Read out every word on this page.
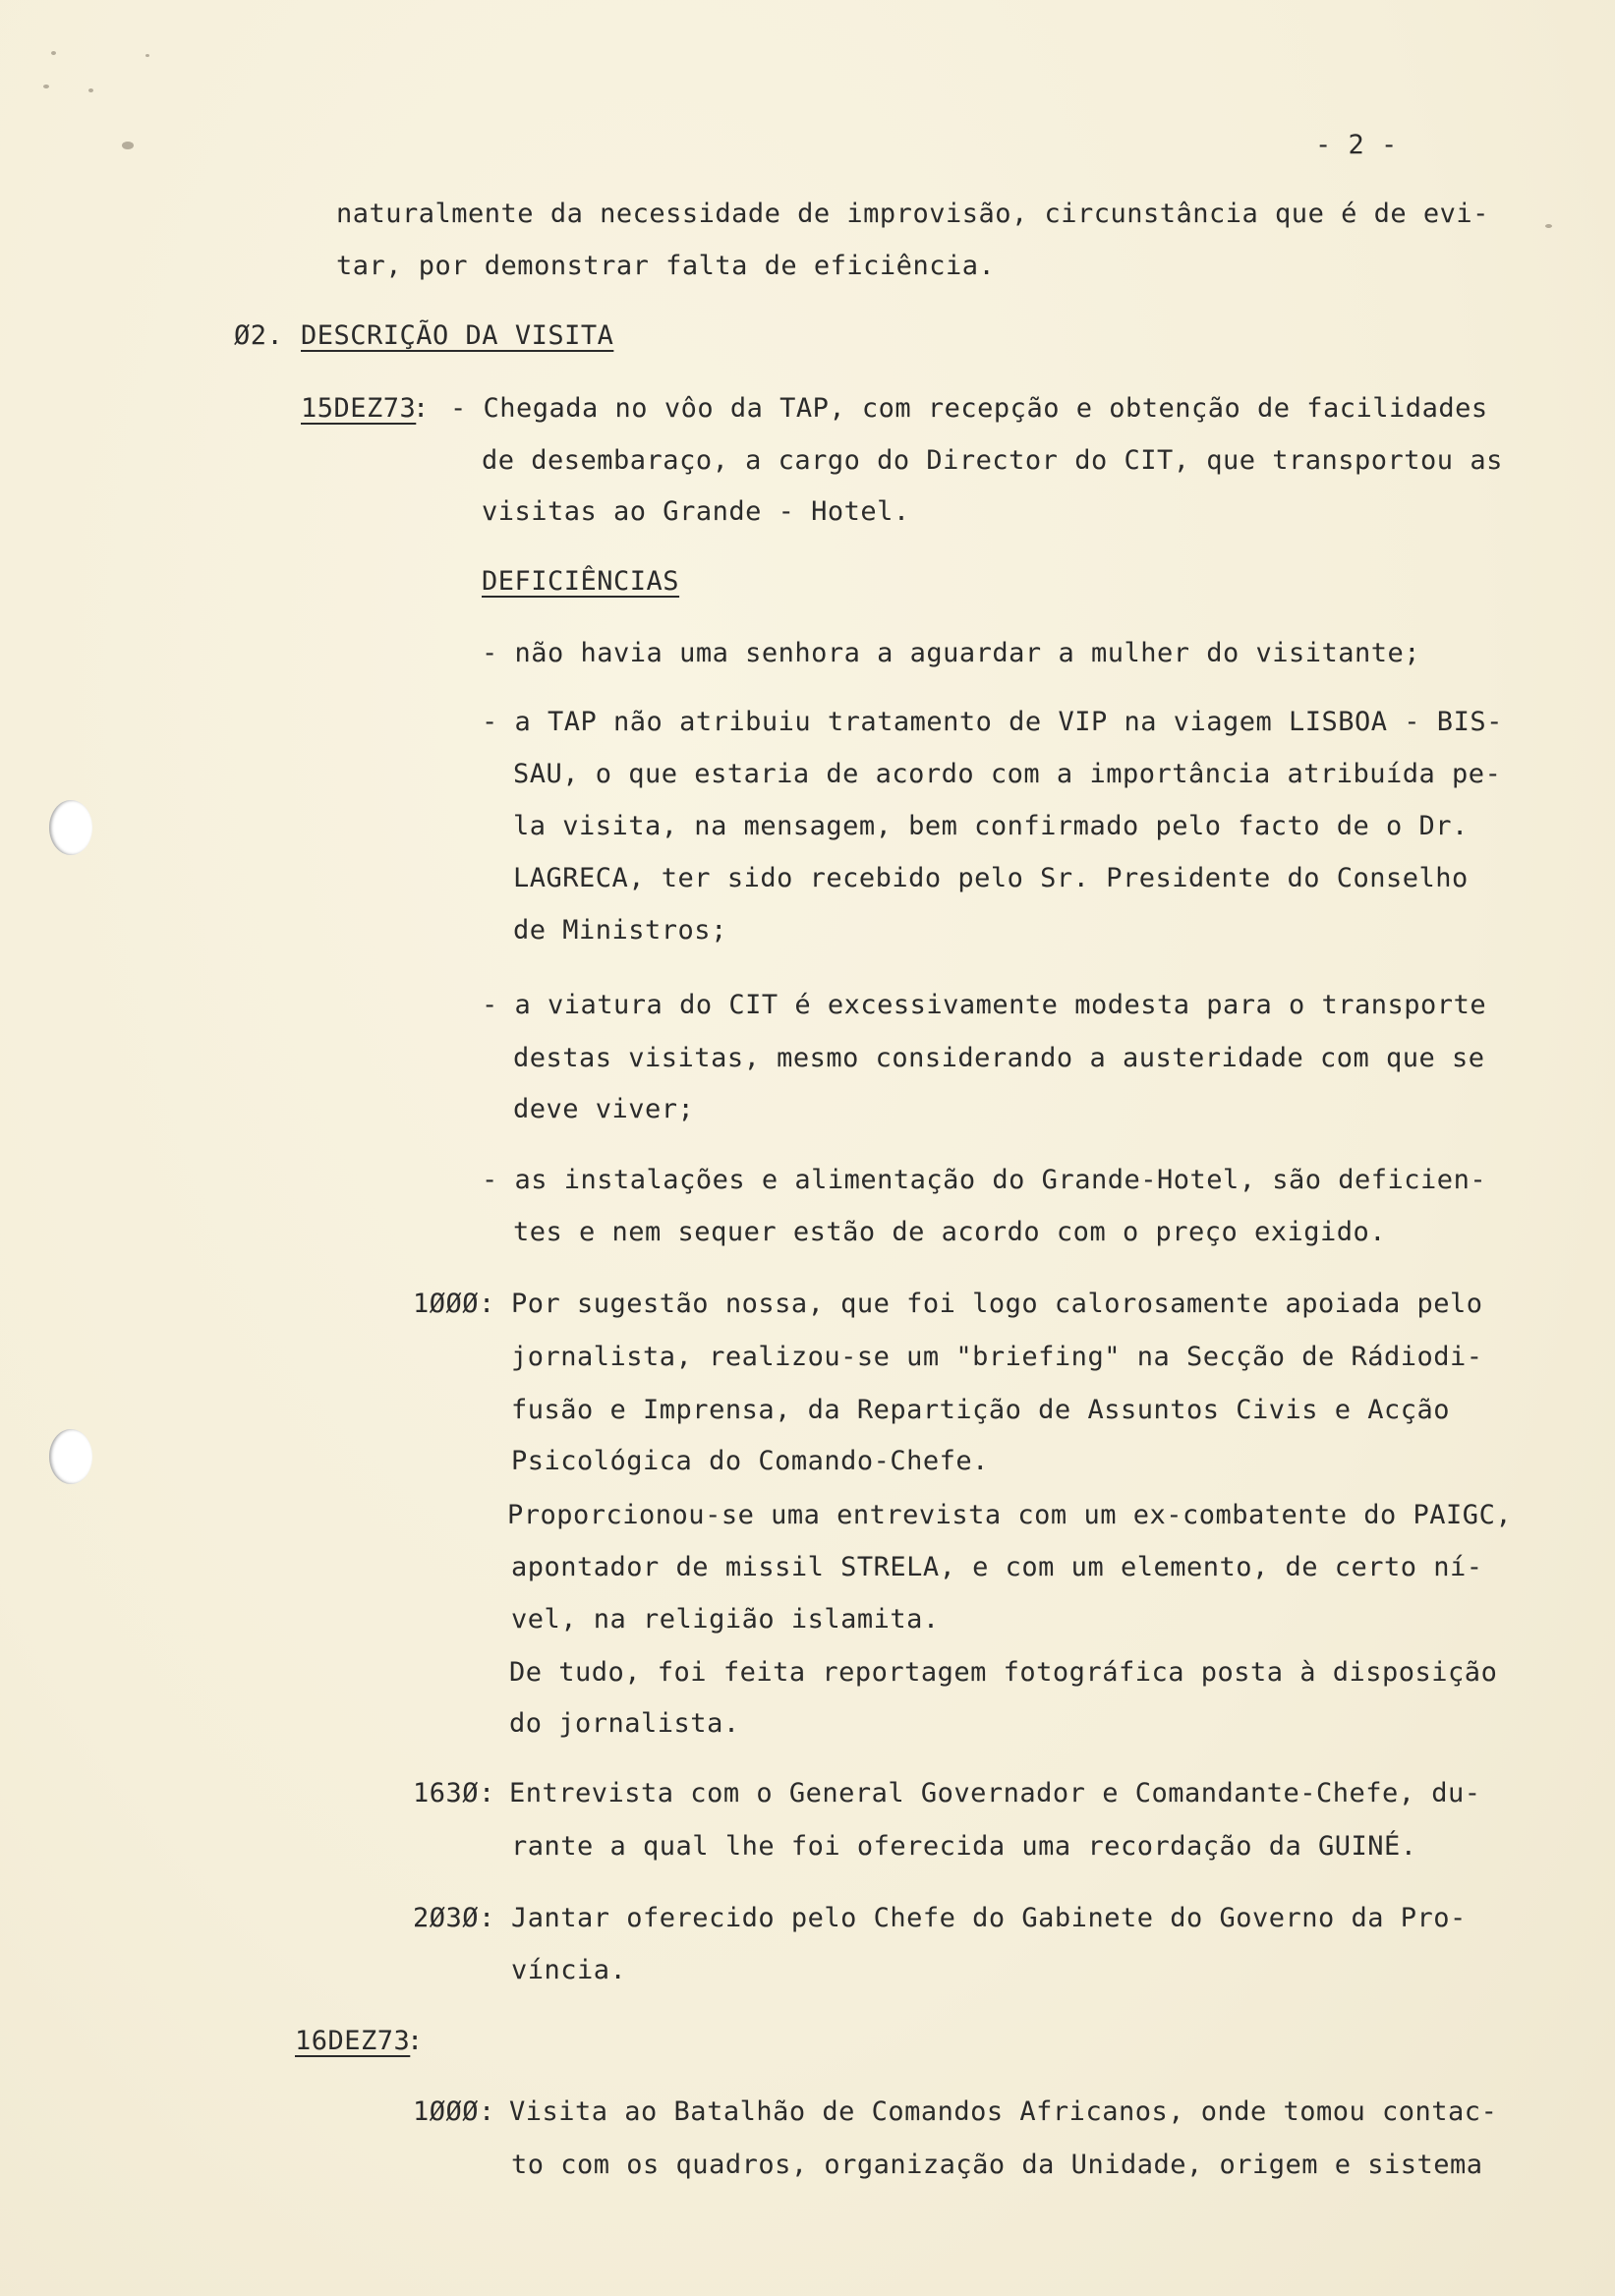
- 2 -

naturalmente da necessidade de improvisão, circunstância que é de evi-

tar, por demonstrar falta de eficiência.

Ø2. DESCRIÇÃO DA VISITA

15DEZ73

: - Chegada no vôo da TAP, com recepção e obtenção de facilidades

de desembaraço, a cargo do Director do CIT, que transportou as

visitas ao Grande - Hotel.

DEFICIÊNCIAS

- não havia uma senhora a aguardar a mulher do visitante;

- a TAP não atribuiu tratamento de VIP na viagem LISBOA - BIS-

SAU, o que estaria de acordo com a importância atribuída pe-

la visita, na mensagem, bem confirmado pelo facto de o Dr.

LAGRECA, ter sido recebido pelo Sr. Presidente do Conselho

de Ministros;

- a viatura do CIT é excessivamente modesta para o transporte

destas visitas, mesmo considerando a austeridade com que se

deve viver;

- as instalações e alimentação do Grande-Hotel, são deficien-

tes e nem sequer estão de acordo com o preço exigido.

1ØØØ: Por sugestão nossa, que foi logo calorosamente apoiada pelo

jornalista, realizou-se um "briefing" na Secção de Rádiodi-

fusão e Imprensa, da Repartição de Assuntos Civis e Acção

Psicológica do Comando-Chefe.

Proporcionou-se uma entrevista com um ex-combatente do PAIGC,

apontador de missil STRELA, e com um elemento, de certo ní-

vel, na religião islamita.

De tudo, foi feita reportagem fotográfica posta à disposição

do jornalista.

163Ø: Entrevista com o General Governador e Comandante-Chefe, du-

rante a qual lhe foi oferecida uma recordação da GUINÉ.

2Ø3Ø: Jantar oferecido pelo Chefe do Gabinete do Governo da Pro-

víncia.

16DEZ73

:

1ØØØ: Visita ao Batalhão de Comandos Africanos, onde tomou contac-

to com os quadros, organização da Unidade, origem e sistema
